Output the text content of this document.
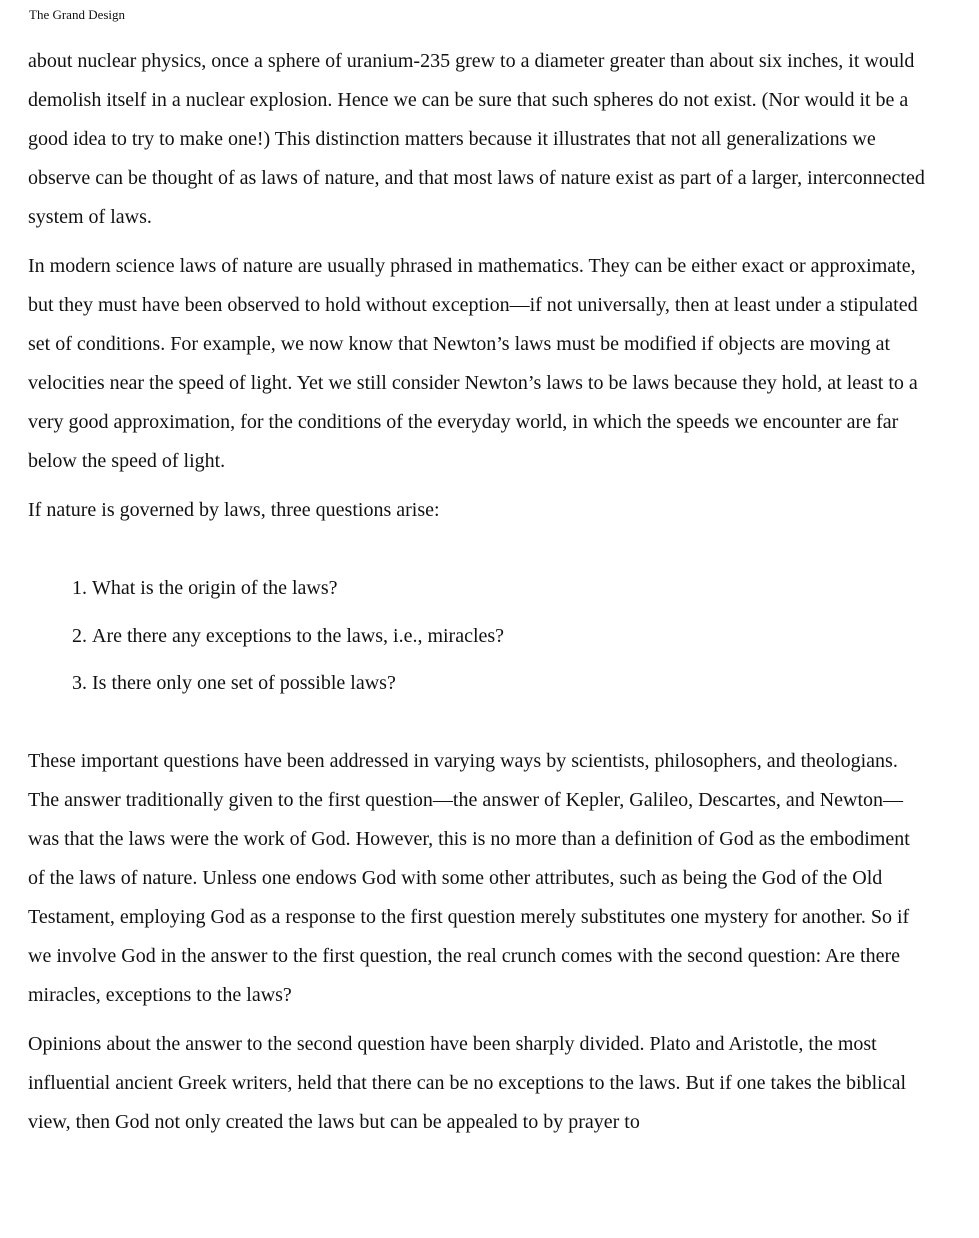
The Grand Design

about nuclear physics, once a sphere of uranium-235 grew to a diameter greater than about six inches, it would demolish itself in a nuclear explosion. Hence we can be sure that such spheres do not exist. (Nor would it be a good idea to try to make one!) This distinction matters because it illustrates that not all generalizations we observe can be thought of as laws of nature, and that most laws of nature exist as part of a larger, interconnected system of laws.

In modern science laws of nature are usually phrased in mathematics. They can be either exact or approximate, but they must have been observed to hold without exception—if not universally, then at least under a stipulated set of conditions. For example, we now know that Newton’s laws must be modified if objects are moving at velocities near the speed of light. Yet we still consider Newton’s laws to be laws because they hold, at least to a very good approximation, for the conditions of the everyday world, in which the speeds we encounter are far below the speed of light.

If nature is governed by laws, three questions arise:

1. What is the origin of the laws?
2. Are there any exceptions to the laws, i.e., miracles?
3. Is there only one set of possible laws?

These important questions have been addressed in varying ways by scientists, philosophers, and theologians. The answer traditionally given to the first question—the answer of Kepler, Galileo, Descartes, and Newton—was that the laws were the work of God. However, this is no more than a definition of God as the embodiment of the laws of nature. Unless one endows God with some other attributes, such as being the God of the Old Testament, employing God as a response to the first question merely substitutes one mystery for another. So if we involve God in the answer to the first question, the real crunch comes with the second question: Are there miracles, exceptions to the laws?

Opinions about the answer to the second question have been sharply divided. Plato and Aristotle, the most influential ancient Greek writers, held that there can be no exceptions to the laws. But if one takes the biblical view, then God not only created the laws but can be appealed to by prayer to
